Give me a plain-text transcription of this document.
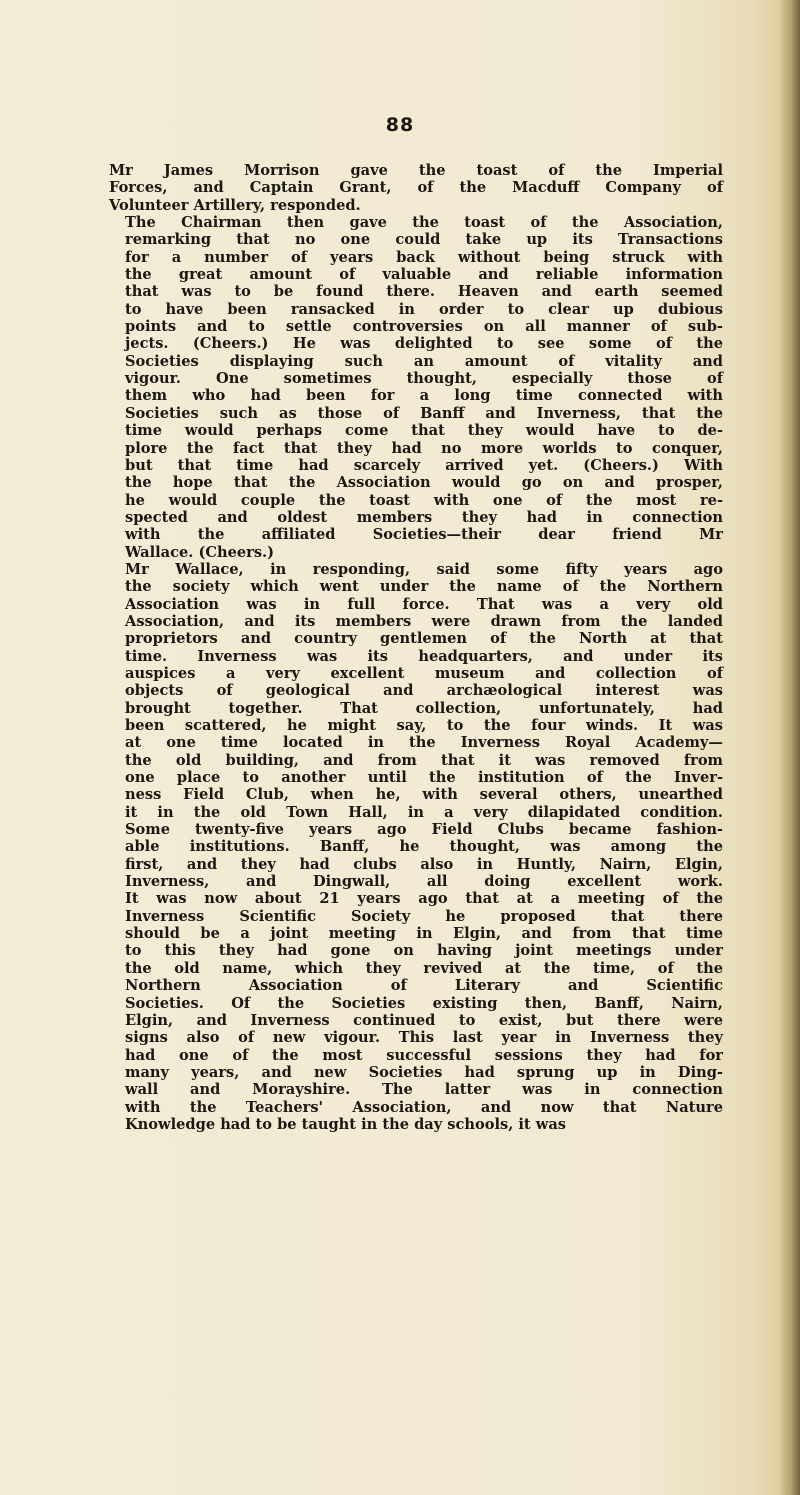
88

Mr James Morrison gave the toast of the Imperial
Forces, and Captain Grant, of the Macduff Company of
Volunteer Artillery, responded.

The Chairman then gave the toast of the Association,
remarking that no one could take up its Transactions
for a number of years back without being struck with
the great amount of valuable and reliable information
that was to be found there. Heaven and earth seemed
to have been ransacked in order to clear up dubious
points and to settle controversies on all manner of sub-
jects. (Cheers.) He was delighted to see some of the
Societies displaying such an amount of vitality and
vigour. One sometimes thought, especially those of
them who had been for a long time connected with
Societies such as those of Banff and Inverness, that the
time would perhaps come that they would have to de-
plore the fact that they had no more worlds to conquer,
but that time had scarcely arrived yet. (Cheers.) With
the hope that the Association would go on and prosper,
he would couple the toast with one of the most re-
spected and oldest members they had in connection
with the affiliated Societies—their dear friend Mr
Wallace. (Cheers.)

Mr Wallace, in responding, said some fifty years ago
the society which went under the name of the Northern
Association was in full force. That was a very old
Association, and its members were drawn from the landed
proprietors and country gentlemen of the North at that
time. Inverness was its headquarters, and under its
auspices a very excellent museum and collection of
objects of geological and archæological interest was
brought together. That collection, unfortunately, had
been scattered, he might say, to the four winds. It was
at one time located in the Inverness Royal Academy—
the old building, and from that it was removed from
one place to another until the institution of the Inver-
ness Field Club, when he, with several others, unearthed
it in the old Town Hall, in a very dilapidated condition.
Some twenty-five years ago Field Clubs became fashion-
able institutions. Banff, he thought, was among the
first, and they had clubs also in Huntly, Nairn, Elgin,
Inverness, and Dingwall, all doing excellent work.
It was now about 21 years ago that at a meeting of the
Inverness Scientific Society he proposed that there
should be a joint meeting in Elgin, and from that time
to this they had gone on having joint meetings under
the old name, which they revived at the time, of the
Northern Association of Literary and Scientific
Societies. Of the Societies existing then, Banff, Nairn,
Elgin, and Inverness continued to exist, but there were
signs also of new vigour. This last year in Inverness they
had one of the most successful sessions they had for
many years, and new Societies had sprung up in Ding-
wall and Morayshire. The latter was in connection
with the Teachers' Association, and now that Nature
Knowledge had to be taught in the day schools, it was
